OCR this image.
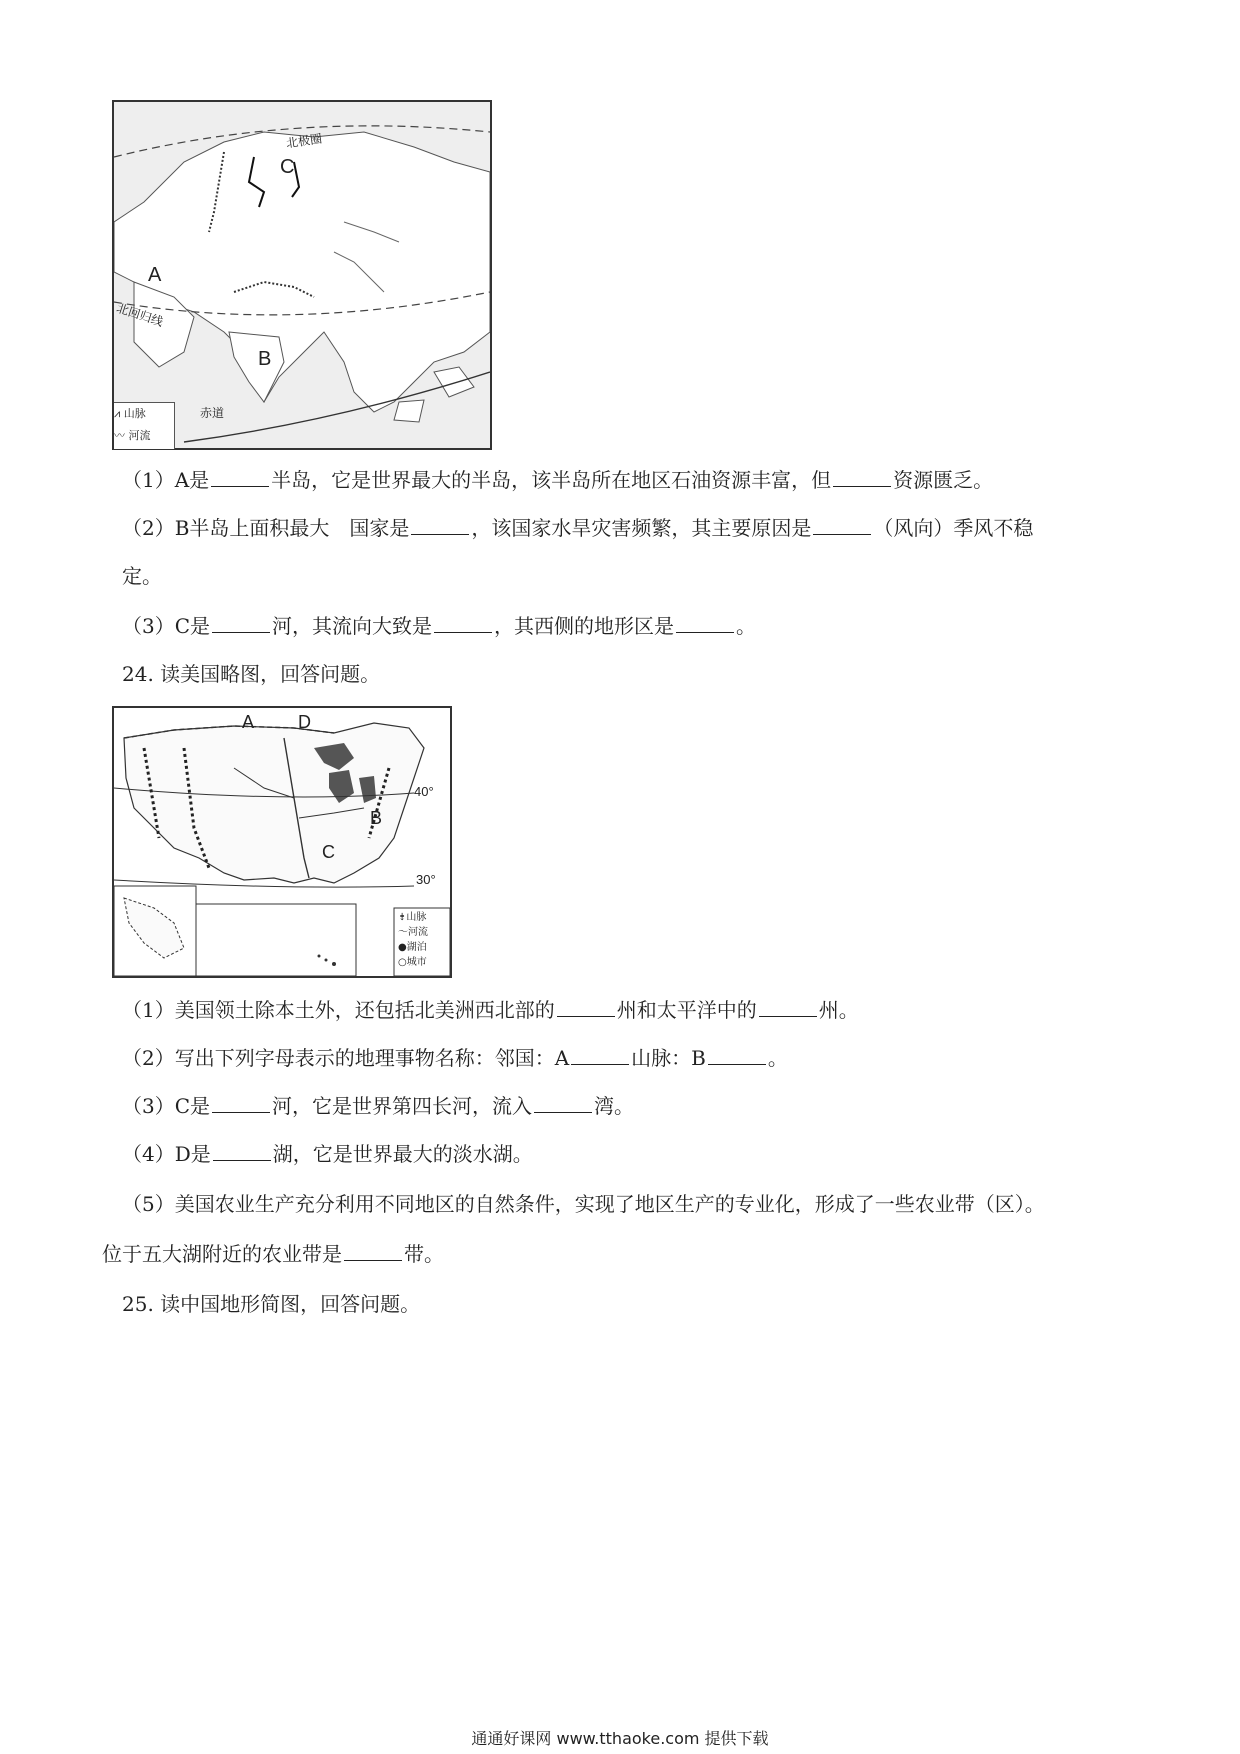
A
B
C
北极圈
北回归线
赤道
⩘ 山脉
〰 河流
（1）A是	半岛，它是世界最大的半岛，该半岛所在地区石油资源丰富，但	资源匮乏。
（2）B半岛上面积最大　国家是	，该国家水旱灾害频繁，其主要原因是	（风向）季风不稳
定。
（3）C是	河，其流向大致是	，其西侧的地形区是	。
24. 读美国略图，回答问题。
A D
B
C
40°
30°
⇟山脉
〜河流
●湖泊
○城市
（1）美国领土除本土外，还包括北美洲西北部的	州和太平洋中的	州。
（2）写出下列字母表示的地理事物名称：邻国：A	山脉：B	。
（3）C是	河，它是世界第四长河，流入	湾。
（4）D是	湖，它是世界最大的淡水湖。
（5）美国农业生产充分利用不同地区的自然条件，实现了地区生产的专业化，形成了一些农业带（区）。
位于五大湖附近的农业带是	带。
25. 读中国地形简图，回答问题。
通通好课网 www.tthaoke.com 提供下载
